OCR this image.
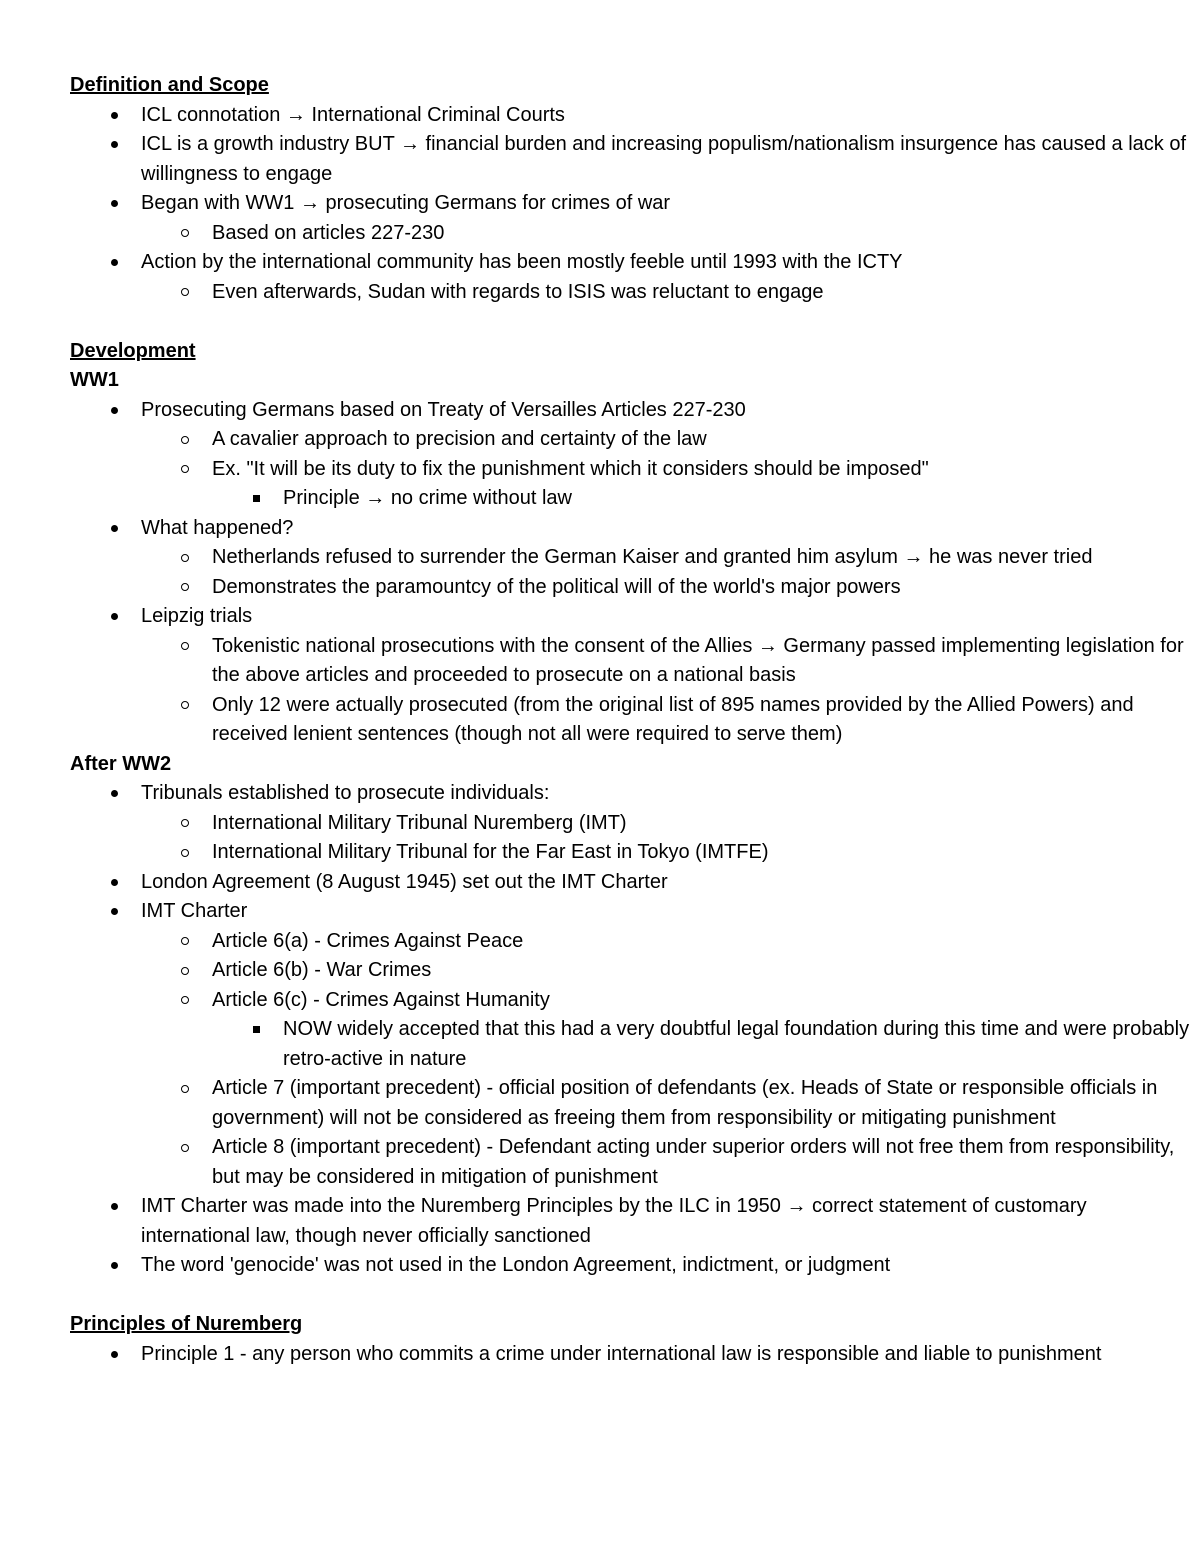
Definition and Scope
ICL connotation → International Criminal Courts
ICL is a growth industry BUT → financial burden and increasing populism/nationalism insurgence has caused a lack of willingness to engage
Began with WW1 → prosecuting Germans for crimes of war
Based on articles 227-230
Action by the international community has been mostly feeble until 1993 with the ICTY
Even afterwards, Sudan with regards to ISIS was reluctant to engage
Development
WW1
Prosecuting Germans based on Treaty of Versailles Articles 227-230
A cavalier approach to precision and certainty of the law
Ex. "It will be its duty to fix the punishment which it considers should be imposed"
Principle → no crime without law
What happened?
Netherlands refused to surrender the German Kaiser and granted him asylum → he was never tried
Demonstrates the paramountcy of the political will of the world's major powers
Leipzig trials
Tokenistic national prosecutions with the consent of the Allies → Germany passed implementing legislation for the above articles and proceeded to prosecute on a national basis
Only 12 were actually prosecuted (from the original list of 895 names provided by the Allied Powers) and received lenient sentences (though not all were required to serve them)
After WW2
Tribunals established to prosecute individuals:
International Military Tribunal Nuremberg (IMT)
International Military Tribunal for the Far East in Tokyo (IMTFE)
London Agreement (8 August 1945) set out the IMT Charter
IMT Charter
Article 6(a) - Crimes Against Peace
Article 6(b) - War Crimes
Article 6(c) - Crimes Against Humanity
NOW widely accepted that this had a very doubtful legal foundation during this time and were probably retro-active in nature
Article 7 (important precedent) - official position of defendants (ex. Heads of State or responsible officials in government) will not be considered as freeing them from responsibility or mitigating punishment
Article 8 (important precedent) - Defendant acting under superior orders will not free them from responsibility, but may be considered in mitigation of punishment
IMT Charter was made into the Nuremberg Principles by the ILC in 1950 → correct statement of customary international law, though never officially sanctioned
The word 'genocide' was not used in the London Agreement, indictment, or judgment
Principles of Nuremberg
Principle 1 - any person who commits a crime under international law is responsible and liable to punishment
